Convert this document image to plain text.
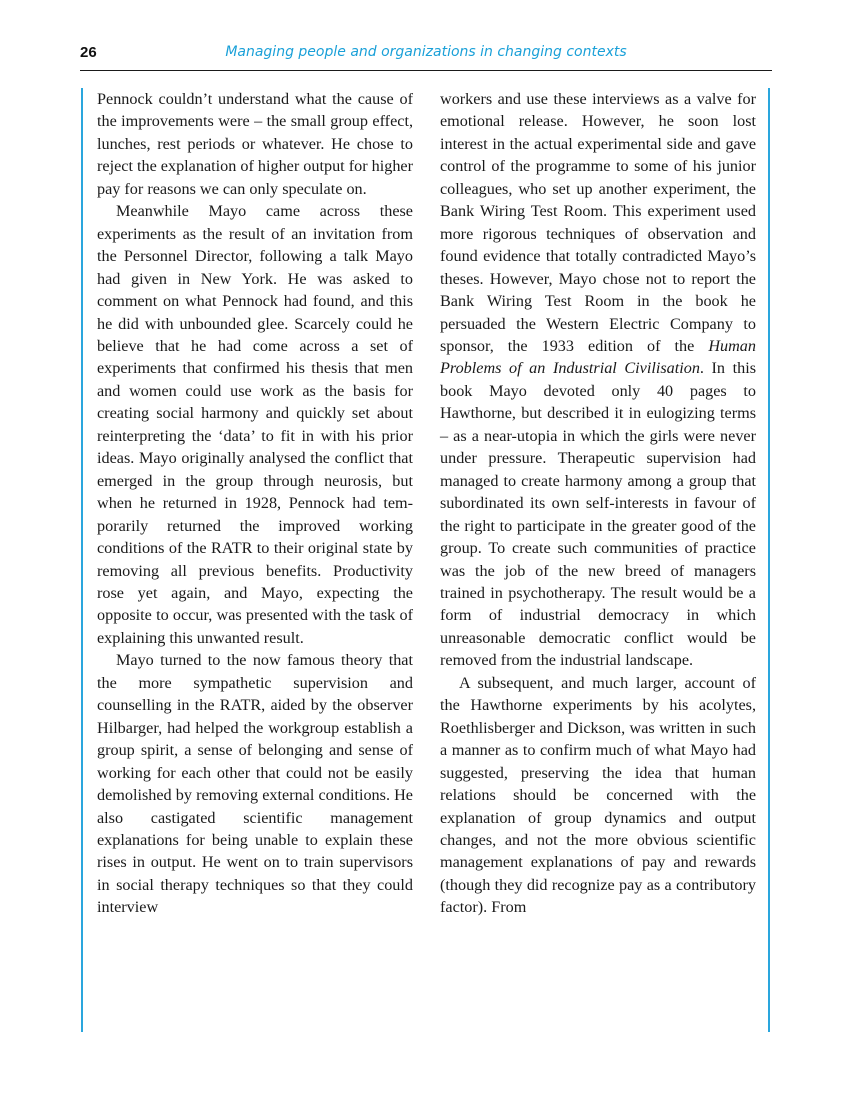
26	Managing people and organizations in changing contexts

Pennock couldn’t understand what the cause of the improvements were – the small group effect, lunches, rest periods or whatever. He chose to reject the explanation of higher output for higher pay for reasons we can only speculate on.

Meanwhile Mayo came across these experiments as the result of an invitation from the Personnel Director, following a talk Mayo had given in New York. He was asked to comment on what Pennock had found, and this he did with unbounded glee. Scarcely could he believe that he had come across a set of experiments that confirmed his thesis that men and women could use work as the basis for creating social harmony and quickly set about reinterpreting the ‘data’ to fit in with his prior ideas. Mayo originally analysed the conflict that emerged in the group through neurosis, but when he returned in 1928, Pennock had temporarily returned the improved working conditions of the RATR to their original state by removing all previous benefits. Productivity rose yet again, and Mayo, expecting the opposite to occur, was presented with the task of explaining this unwanted result.

Mayo turned to the now famous theory that the more sympathetic supervision and counselling in the RATR, aided by the observer Hilbarger, had helped the workgroup establish a group spirit, a sense of belonging and sense of working for each other that could not be easily demolished by removing external conditions. He also castigated scientific management explanations for being unable to explain these rises in output. He went on to train supervisors in social therapy techniques so that they could interview

workers and use these interviews as a valve for emotional release. However, he soon lost interest in the actual experimental side and gave control of the programme to some of his junior colleagues, who set up another experiment, the Bank Wiring Test Room. This experiment used more rigorous techniques of observation and found evidence that totally contradicted Mayo’s theses. However, Mayo chose not to report the Bank Wiring Test Room in the book he persuaded the Western Electric Company to sponsor, the 1933 edition of the Human Problems of an Industrial Civilisation. In this book Mayo devoted only 40 pages to Hawthorne, but described it in eulogizing terms – as a near-utopia in which the girls were never under pressure. Therapeutic supervision had managed to create harmony among a group that subordinated its own self-interests in favour of the right to participate in the greater good of the group. To create such communities of practice was the job of the new breed of managers trained in psychotherapy. The result would be a form of industrial democracy in which unreasonable democratic conflict would be removed from the industrial landscape.

A subsequent, and much larger, account of the Hawthorne experiments by his acolytes, Roethlisberger and Dickson, was written in such a manner as to confirm much of what Mayo had suggested, preserving the idea that human relations should be concerned with the explanation of group dynamics and output changes, and not the more obvious scientific management explanations of pay and rewards (though they did recognize pay as a contributory factor). From
